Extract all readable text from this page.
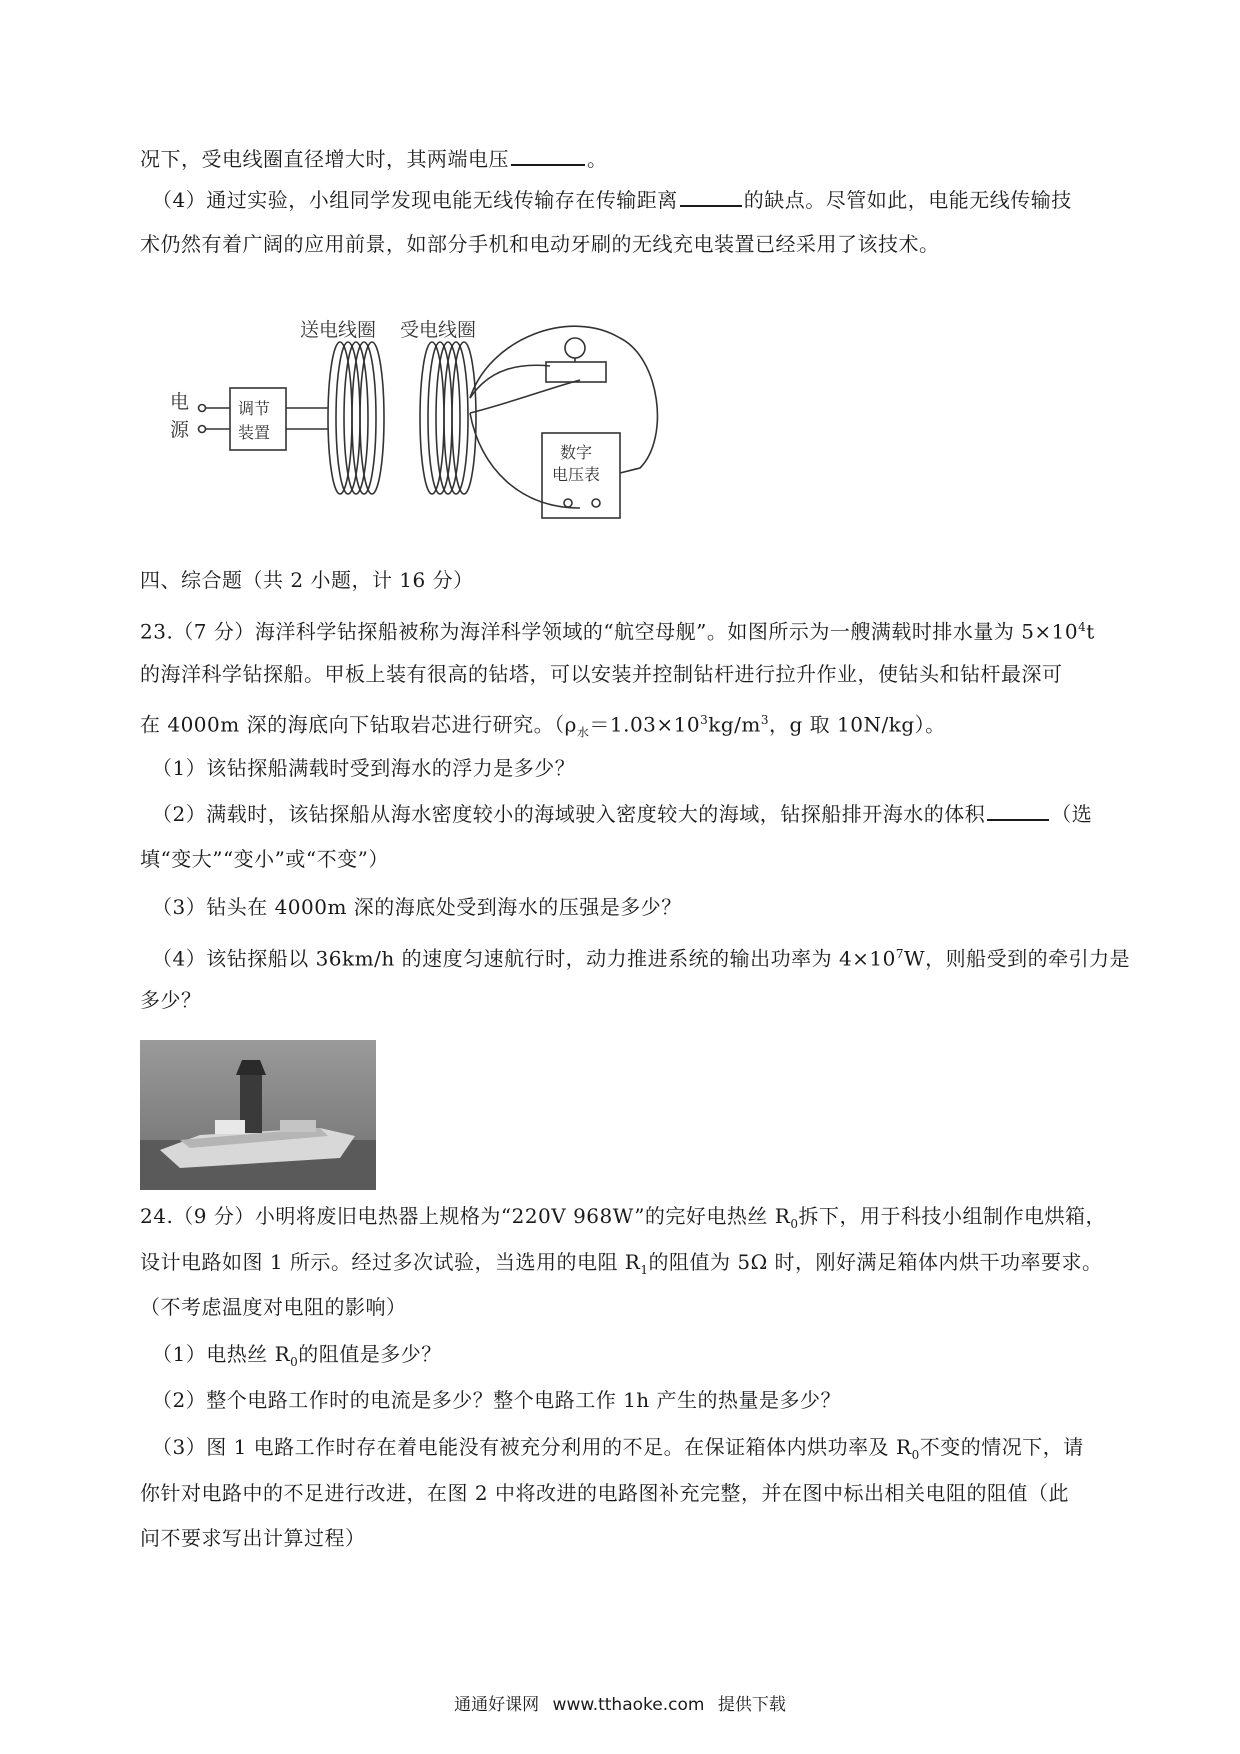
况下，受电线圈直径增大时，其两端电压	。
（4）通过实验，小组同学发现电能无线传输存在传输距离	的缺点。尽管如此，电能无线传输技
术仍然有着广阔的应用前景，如部分手机和电动牙刷的无线充电装置已经采用了该技术。
送电线圈 受电线圈
电
源
调节
装置
数字
电压表
四、综合题（共 2 小题，计 16 分）
23.（7 分）海洋科学钻探船被称为海洋科学领域的“航空母舰”。如图所示为一艘满载时排水量为 $5\times 10^4t$
的海洋科学钻探船。甲板上装有很高的钻塔，可以安装并控制钻杆进行拉升作业，使钻头和钻杆最深可
在 4000m 深的海底向下钻取岩芯进行研究。（$\rho_水=1.03\times 10^3kg/m^3$，g 取 10N/kg）。
（1）该钻探船满载时受到海水的浮力是多少？
（2）满载时，该钻探船从海水密度较小的海域驶入密度较大的海域，钻探船排开海水的体积	（选
填“变大”“变小”或“不变”）
（3）钻头在 4000m 深的海底处受到海水的压强是多少？
（4）该钻探船以 36km/h 的速度匀速航行时，动力推进系统的输出功率为 $4\times 10^7W$，则船受到的牵引力是
多少？
24.（9 分）小明将废旧电热器上规格为“220V 968W”的完好电热丝 $R_0$拆下，用于科技小组制作电烘箱，
设计电路如图 1 所示。经过多次试验，当选用的电阻 $R_1$的阻值为 5Ω 时，刚好满足箱体内烘干功率要求。
（不考虑温度对电阻的影响）
（1）电热丝 $R_0$的阻值是多少？
（2）整个电路工作时的电流是多少？整个电路工作 1h 产生的热量是多少？
（3）图 1 电路工作时存在着电能没有被充分利用的不足。在保证箱体内烘功率及 $R_0$不变的情况下，请
你针对电路中的不足进行改进，在图 2 中将改进的电路图补充完整，并在图中标出相关电阻的阻值（此
问不要求写出计算过程）
通通好课网 www.tthaoke.com 提供下载
